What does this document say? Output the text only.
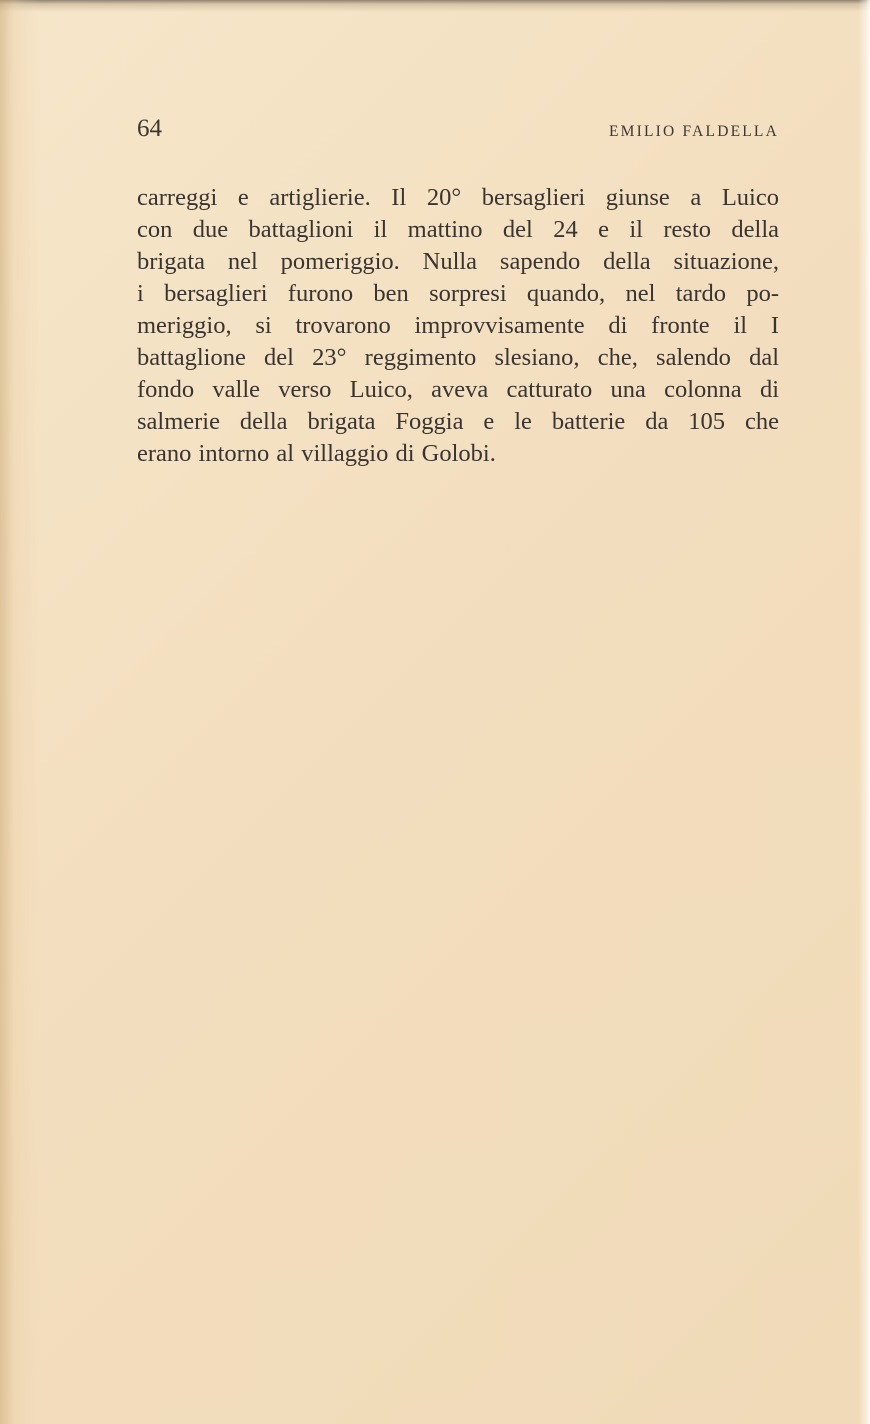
64	EMILIO FALDELLA

carreggi e artiglierie. Il 20° bersaglieri giunse a Luico
con due battaglioni il mattino del 24 e il resto della
brigata nel pomeriggio. Nulla sapendo della situazione,
i bersaglieri furono ben sorpresi quando, nel tardo po-
meriggio, si trovarono improvvisamente di fronte il I
battaglione del 23° reggimento slesiano, che, salendo dal
fondo valle verso Luico, aveva catturato una colonna di
salmerie della brigata Foggia e le batterie da 105 che
erano intorno al villaggio di Golobi.
